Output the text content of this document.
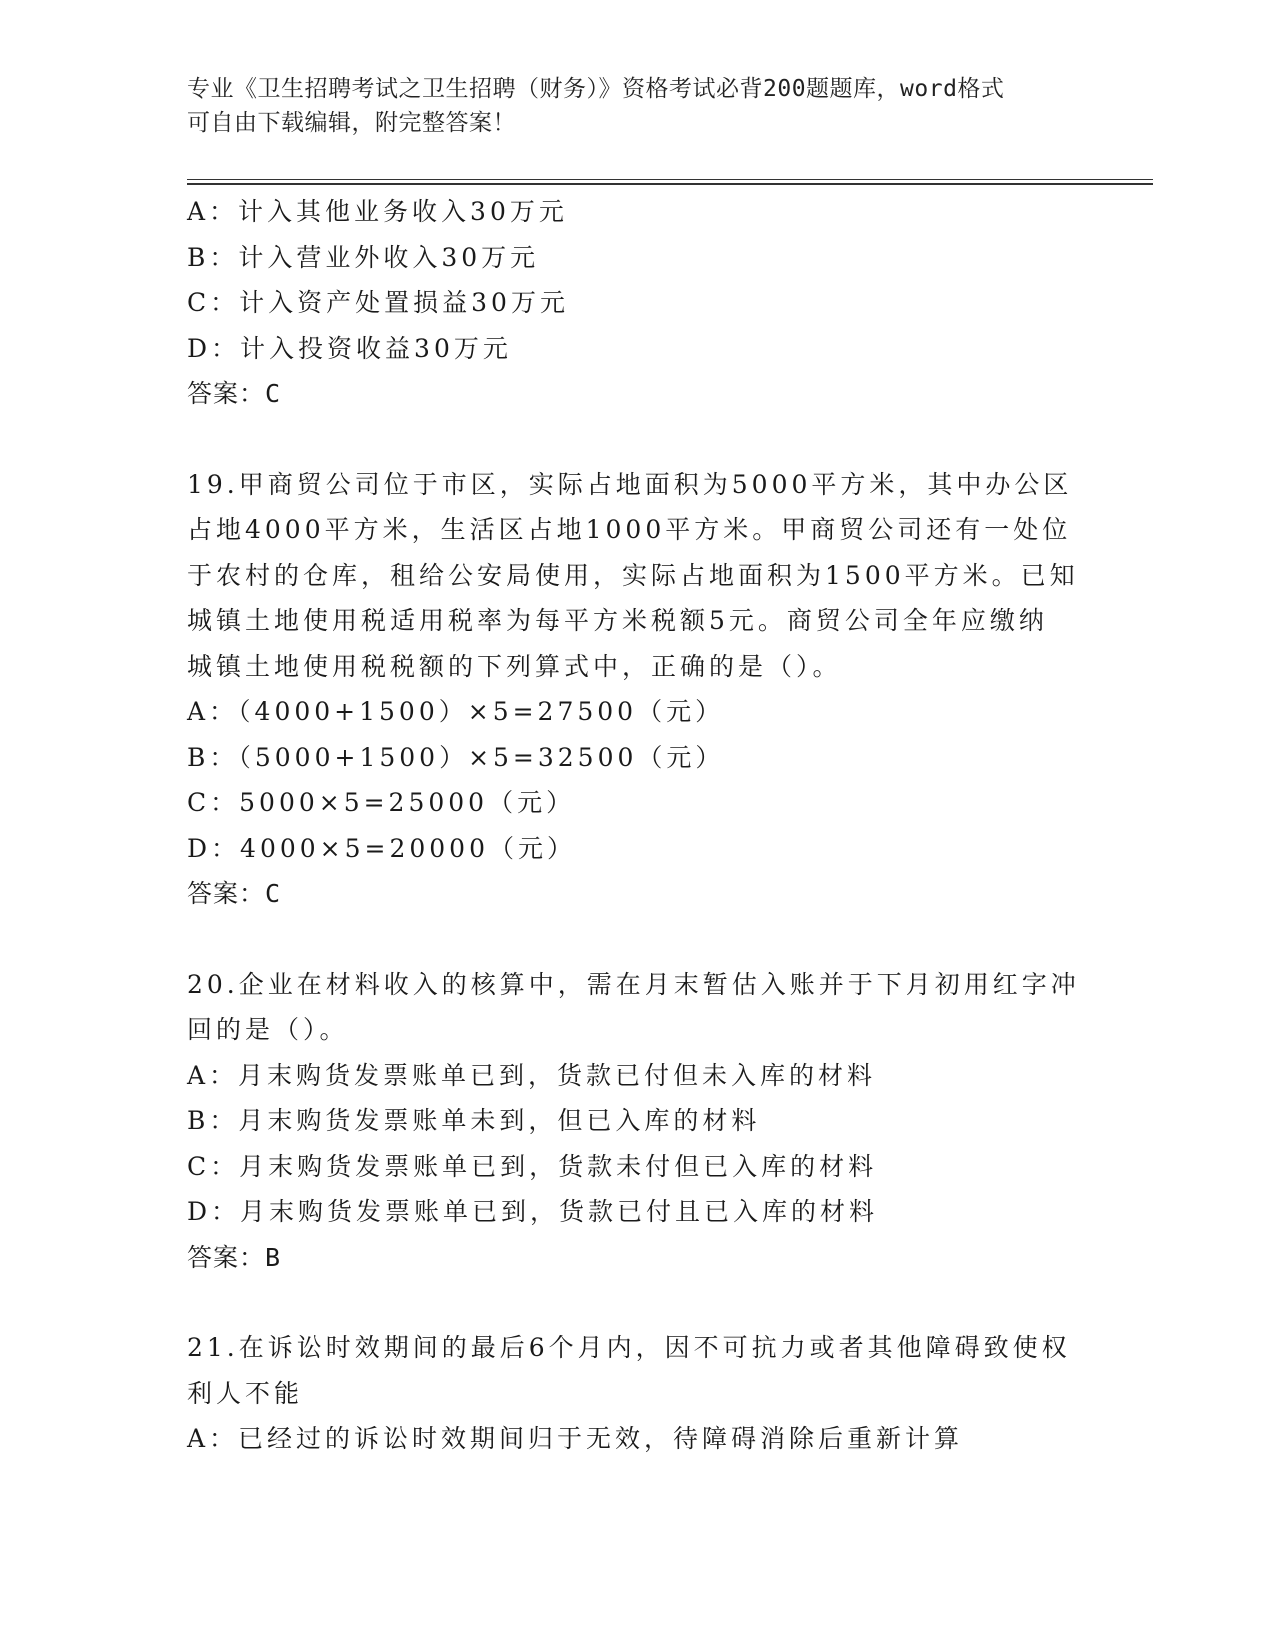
专业《卫生招聘考试之卫生招聘（财务）》资格考试必背200题题库，word格式
可自由下载编辑，附完整答案！
A：计入其他业务收入30万元
B：计入营业外收入30万元
C：计入资产处置损益30万元
D：计入投资收益30万元
答案：C
19.甲商贸公司位于市区，实际占地面积为5000平方米，其中办公区
占地4000平方米，生活区占地1000平方米。甲商贸公司还有一处位
于农村的仓库，租给公安局使用，实际占地面积为1500平方米。已知
城镇土地使用税适用税率为每平方米税额5元。商贸公司全年应缴纳
城镇土地使用税税额的下列算式中，正确的是（）。
A：（4000+1500）×5=27500（元）
B：（5000+1500）×5=32500（元）
C：5000×5=25000（元）
D：4000×5=20000（元）
答案：C
20.企业在材料收入的核算中，需在月末暂估入账并于下月初用红字冲
回的是（）。
A：月末购货发票账单已到，货款已付但未入库的材料
B：月末购货发票账单未到，但已入库的材料
C：月末购货发票账单已到，货款未付但已入库的材料
D：月末购货发票账单已到，货款已付且已入库的材料
答案：B
21.在诉讼时效期间的最后6个月内，因不可抗力或者其他障碍致使权
利人不能
A：已经过的诉讼时效期间归于无效，待障碍消除后重新计算
